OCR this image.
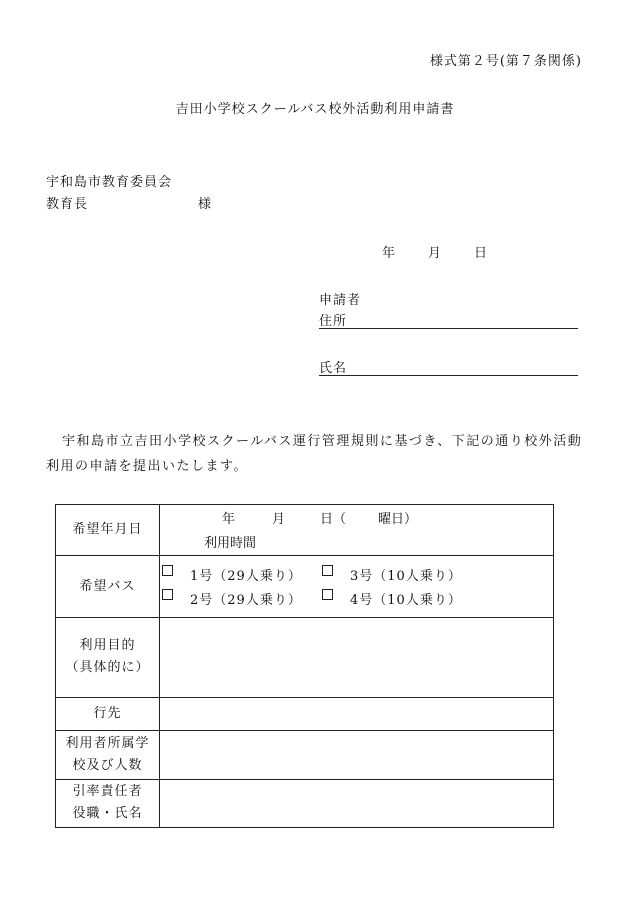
様式第２号(第７条関係)
吉田小学校スクールバス校外活動利用申請書
宇和島市教育委員会
教育長	様
年	月	日
申請者
住所
氏名
宇和島市立吉田小学校スクールバス運行管理規則に基づき、下記の通り校外活動利用の申請を提出いたします。
希望年月日	年 月 日（ 曜日）
利用時間

希望バス	1号（29人乗り） 3号（10人乗り）
2号（29人乗り） 4号（10人乗り）

利用目的
（具体的に）	

行先	

利用者所属学
校及び人数	

引率責任者
役職・氏名	
